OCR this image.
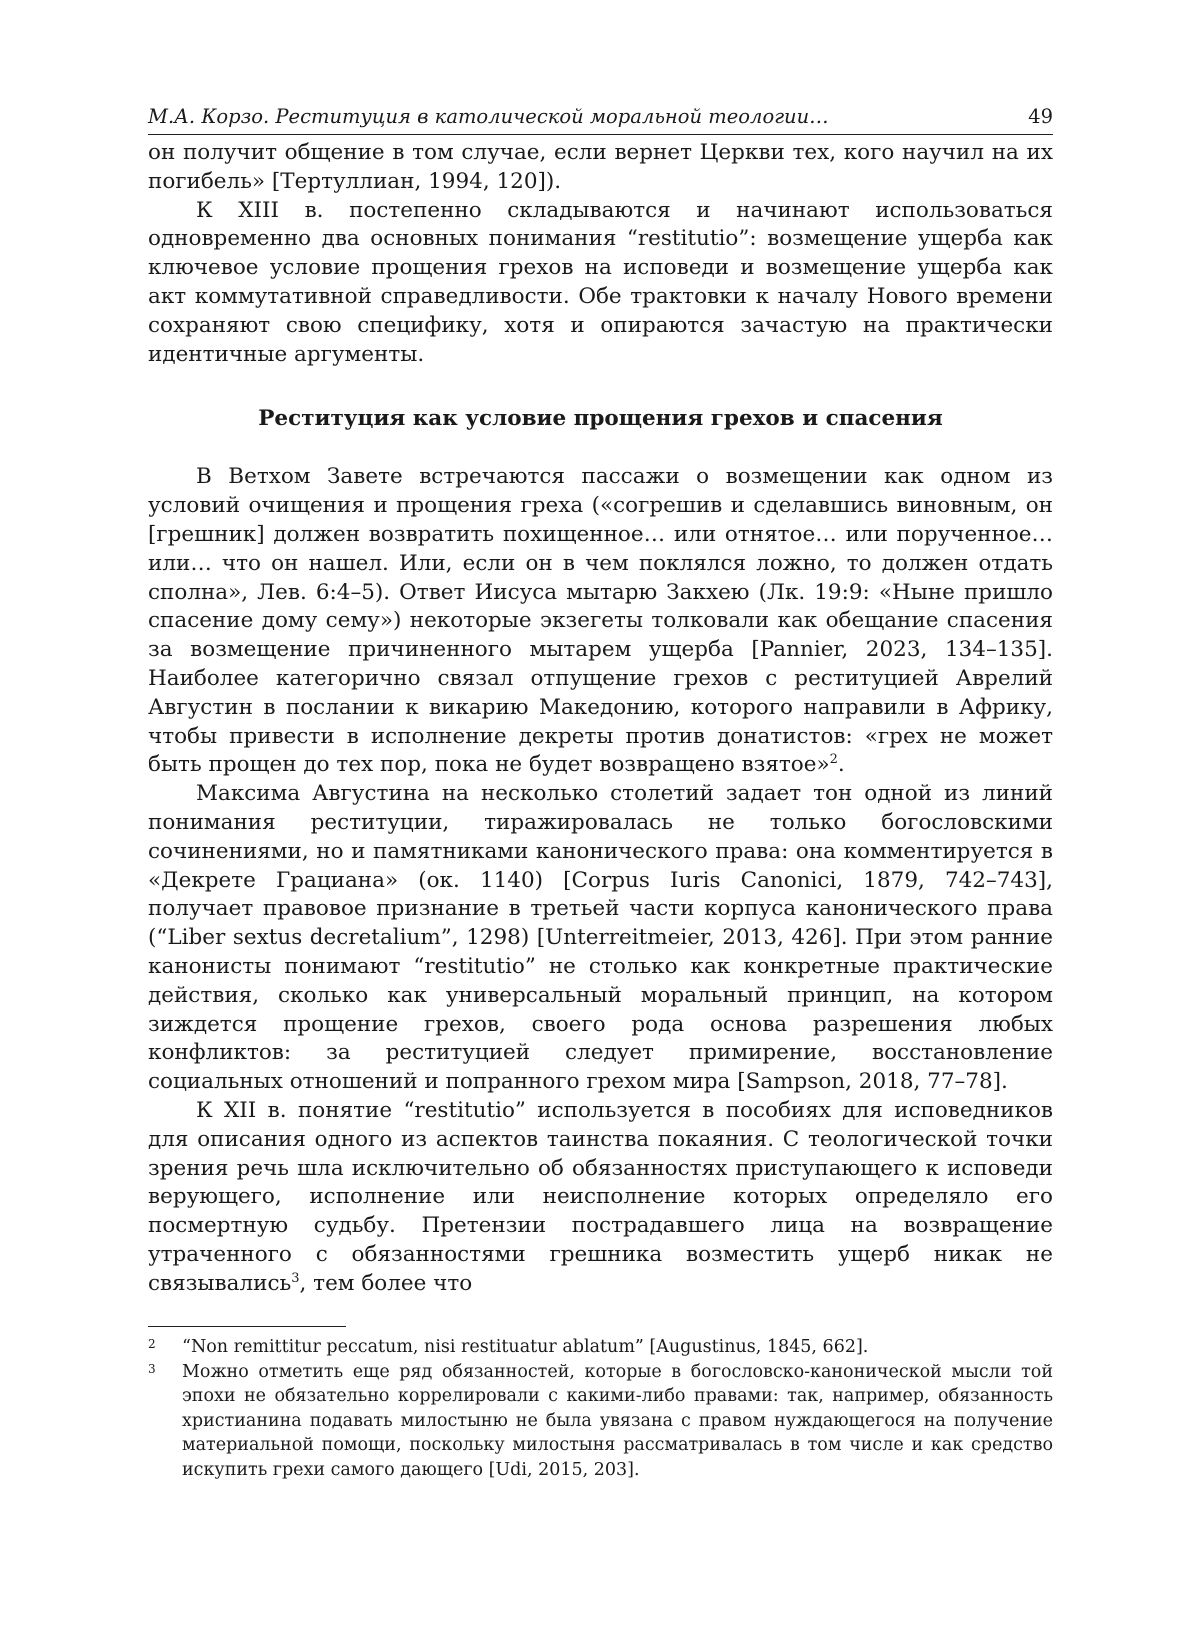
М.А. Корзо. Реституция в католической моральной теологии…	49

он получит общение в том случае, если вернет Церкви тех, кого научил на их погибель» [Тертуллиан, 1994, 120]).

К XIII в. постепенно складываются и начинают использоваться одновременно два основных понимания “restitutio”: возмещение ущерба как ключевое условие прощения грехов на исповеди и возмещение ущерба как акт коммутативной справедливости. Обе трактовки к началу Нового времени сохраняют свою специфику, хотя и опираются зачастую на практически идентичные аргументы.

Реституция как условие прощения грехов и спасения

В Ветхом Завете встречаются пассажи о возмещении как одном из условий очищения и прощения греха («согрешив и сделавшись виновным, он [грешник] должен возвратить похищенное… или отнятое… или порученное… или… что он нашел. Или, если он в чем поклялся ложно, то должен отдать сполна», Лев. 6:4–5). Ответ Иисуса мытарю Закхею (Лк. 19:9: «Ныне пришло спасение дому сему») некоторые экзегеты толковали как обещание спасения за возмещение причиненного мытарем ущерба [Pannier, 2023, 134–135]. Наиболее категорично связал отпущение грехов с реституцией Аврелий Августин в послании к викарию Македонию, которого направили в Африку, чтобы привести в исполнение декреты против донатистов: «грех не может быть прощен до тех пор, пока не будет возвращено взятое»$^2$.

Максима Августина на несколько столетий задает тон одной из линий понимания реституции, тиражировалась не только богословскими сочинениями, но и памятниками канонического права: она комментируется в «Декрете Грациана» (ок. 1140) [Corpus Iuris Canonici, 1879, 742–743], получает правовое признание в третьей части корпуса канонического права (“Liber sextus decretalium”, 1298) [Unterreitmeier, 2013, 426]. При этом ранние канонисты понимают “restitutio” не столько как конкретные практические действия, сколько как универсальный моральный принцип, на котором зиждется прощение грехов, своего рода основа разрешения любых конфликтов: за реституцией следует примирение, восстановление социальных отношений и попранного грехом мира [Sampson, 2018, 77–78].

К XII в. понятие “restitutio” используется в пособиях для исповедников для описания одного из аспектов таинства покаяния. С теологической точки зрения речь шла исключительно об обязанностях приступающего к исповеди верующего, исполнение или неисполнение которых определяло его посмертную судьбу. Претензии пострадавшего лица на возвращение утраченного с обязанностями грешника возместить ущерб никак не связывались$^3$, тем более что

2	“Non remittitur peccatum, nisi restituatur ablatum” [Augustinus, 1845, 662].
3	Можно отметить еще ряд обязанностей, которые в богословско-канонической мысли той эпохи не обязательно коррелировали с какими-либо правами: так, например, обязанность христианина подавать милостыню не была увязана с правом нуждающегося на получение материальной помощи, поскольку милостыня рассматривалась в том числе и как средство искупить грехи самого дающего [Udi, 2015, 203].
